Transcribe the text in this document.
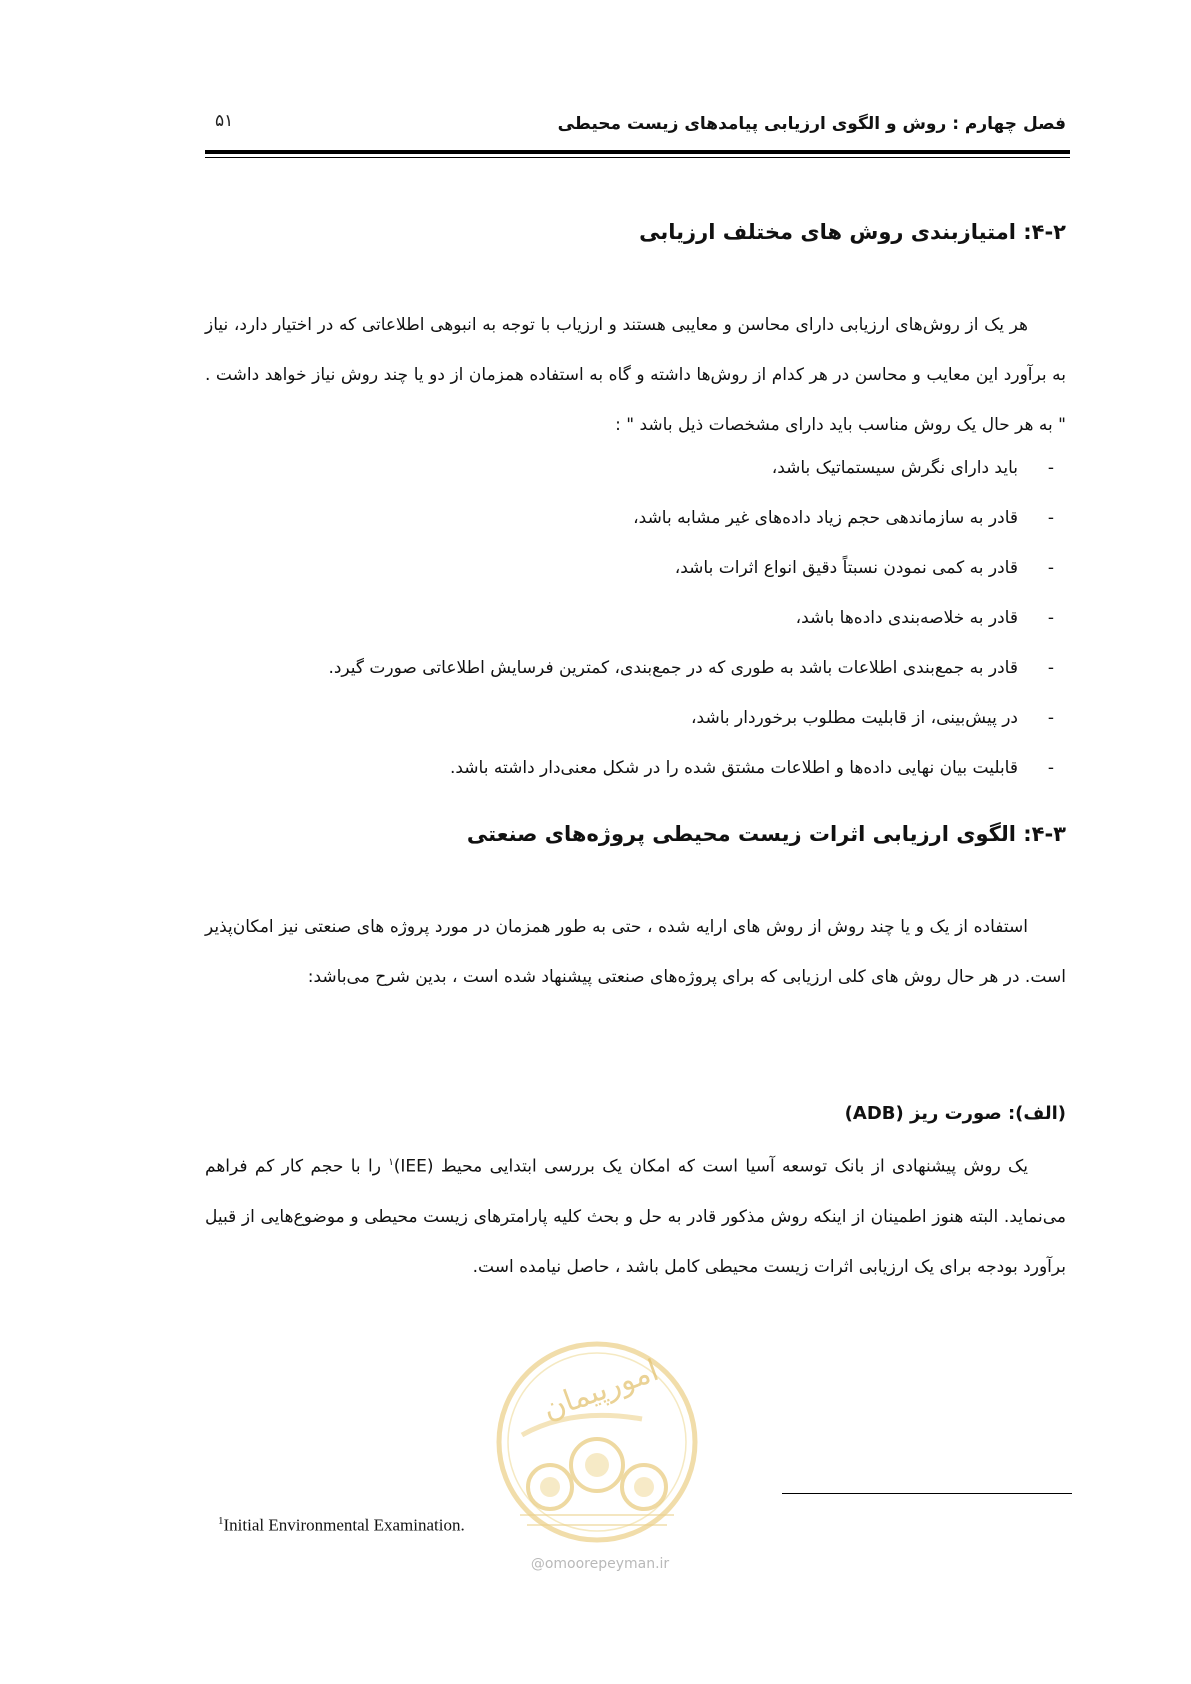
فصل چهارم : روش و الگوی ارزیابی پیامدهای زیست محیطی
۵۱
۴-۲: امتیازبندی روش های مختلف ارزیابی

هر یک از روش‌های ارزیابی دارای محاسن و معایبی هستند و ارزیاب با توجه به انبوهی اطلاعاتی که در اختیار دارد، نیاز به برآورد این معایب و محاسن در هر کدام از روش‌ها داشته و گاه به استفاده همزمان از دو یا چند روش نیاز خواهد داشت . " به هر حال یک روش مناسب باید دارای مشخصات ذیل باشد " :

-
باید دارای نگرش سیستماتیک باشد،
-
قادر به سازماندهی حجم زیاد داده‌های غیر مشابه باشد،
-
قادر به کمی نمودن نسبتاً دقیق انواع اثرات باشد،
-
قادر به خلاصه‌بندی داده‌ها باشد،
-
قادر به جمع‌بندی اطلاعات باشد به طوری که در جمع‌بندی، کمترین فرسایش اطلاعاتی صورت گیرد.
-
در پیش‌بینی، از قابلیت مطلوب برخوردار باشد،
-
قابلیت بیان نهایی داده‌ها و اطلاعات مشتق شده را در شکل معنی‌دار داشته باشد.
۴-۳: الگوی ارزیابی اثرات زیست محیطی پروژه‌های صنعتی

استفاده از یک و یا چند روش از روش های ارایه شده ، حتی به طور همزمان در مورد پروژه های صنعتی نیز امکان‌پذیر است. در هر حال روش های کلی ارزیابی که برای پروژه‌های صنعتی پیشنهاد شده است ، بدین شرح می‌باشد:

(الف): صورت ریز (ADB)

یک روش پیشنهادی از بانک توسعه آسیا است که امکان یک بررسی ابتدایی محیط (IEE)$^۱$ را با حجم کار کم فراهم می‌نماید. البته هنوز اطمینان از اینکه روش مذکور قادر به حل و بحث کلیه پارامترهای زیست محیطی و موضوع‌هایی از قبیل برآورد بودجه برای یک ارزیابی اثرات زیست محیطی کامل باشد ، حاصل نیامده است.

امورپیمان
$^1$Initial Environmental Examination.
@omoorepeyman.ir
